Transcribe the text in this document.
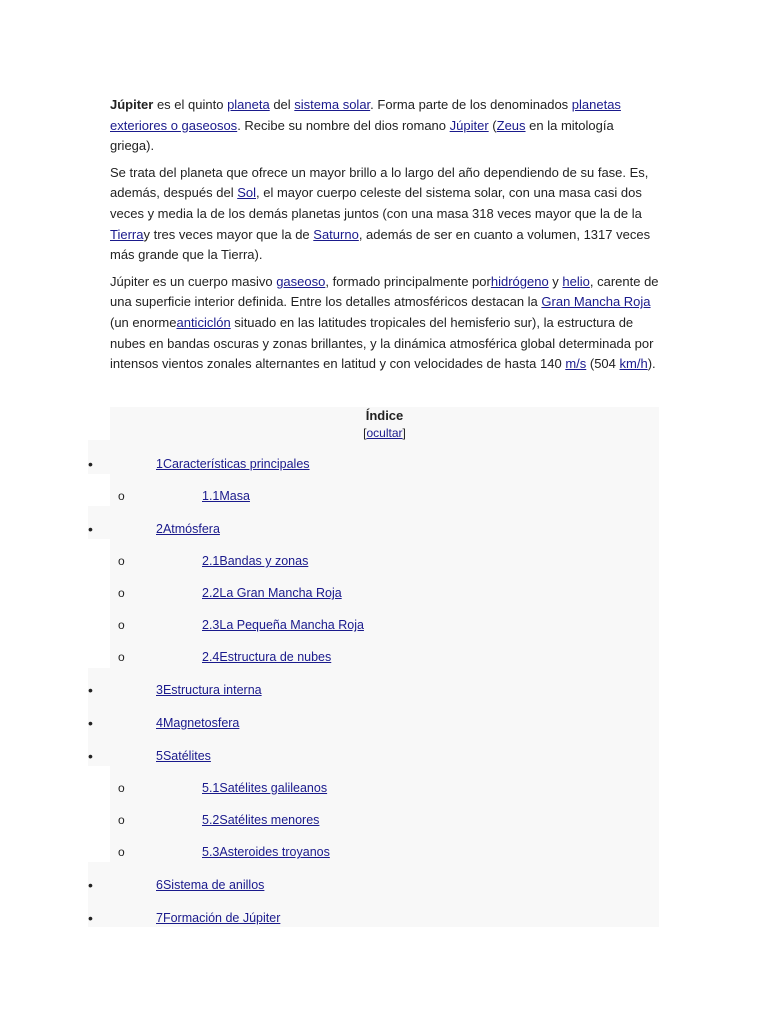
Júpiter es el quinto planeta del sistema solar. Forma parte de los denominados planetas exteriores o gaseosos. Recibe su nombre del dios romano Júpiter (Zeus en la mitología griega).

Se trata del planeta que ofrece un mayor brillo a lo largo del año dependiendo de su fase. Es, además, después del Sol, el mayor cuerpo celeste del sistema solar, con una masa casi dos veces y media la de los demás planetas juntos (con una masa 318 veces mayor que la de la Tierray tres veces mayor que la de Saturno, además de ser en cuanto a volumen, 1317 veces más grande que la Tierra).

Júpiter es un cuerpo masivo gaseoso, formado principalmente porhidrógeno y helio, carente de una superficie interior definida. Entre los detalles atmosféricos destacan la Gran Mancha Roja (un enormeanticiclón situado en las latitudes tropicales del hemisferio sur), la estructura de nubes en bandas oscuras y zonas brillantes, y la dinámica atmosférica global determinada por intensos vientos zonales alternantes en latitud y con velocidades de hasta 140 m/s (504 km/h).

Índice
[ocultar]
•	1Características principales
o	1.1Masa
•	2Atmósfera
o	2.1Bandas y zonas
o	2.2La Gran Mancha Roja
o	2.3La Pequeña Mancha Roja
o	2.4Estructura de nubes
•	3Estructura interna
•	4Magnetosfera
•	5Satélites
o	5.1Satélites galileanos
o	5.2Satélites menores
o	5.3Asteroides troyanos
•	6Sistema de anillos
•	7Formación de Júpiter
